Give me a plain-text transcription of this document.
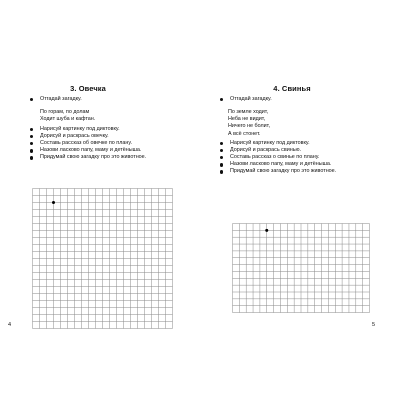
3. Овечка
Отгадай загадку.
По горам, по долам
Ходит шуба и кафтан.
Нарисуй картинку под диктовку.
Дорисуй и раскрась овечку.
Составь рассказ об овечке по плану.
Назови ласково папу, маму и детёныша.
Придумай свою загадку про это животное.
4
4. Свинья
Отгадай загадку.
По земле ходит,
Неба не видит,
Ничего не болит,
А всё стонет.
Нарисуй картинку под диктовку.
Дорисуй и раскрась свинью.
Составь рассказ о свинье по плану.
Назови ласково папу, маму и детёныша.
Придумай свою загадку про это животное.
5
